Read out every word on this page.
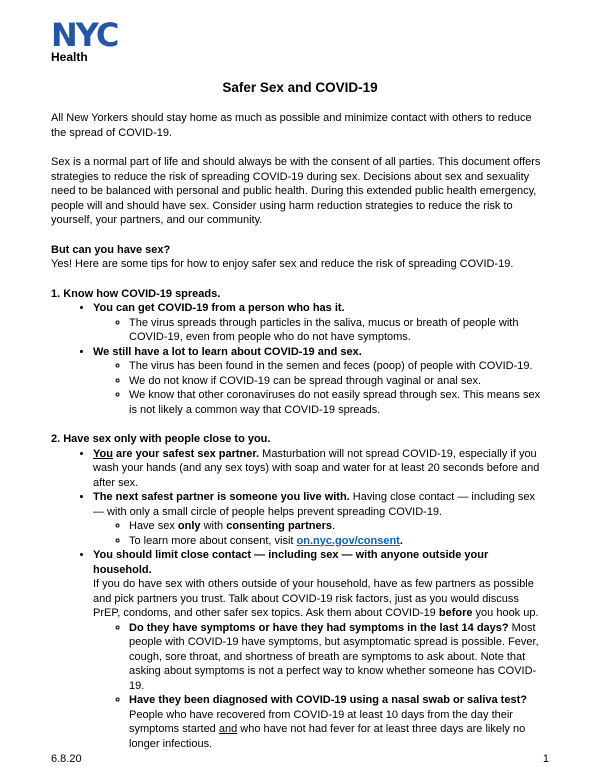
NYC
Health
Safer Sex and COVID-19

All New Yorkers should stay home as much as possible and minimize contact with others to reduce the spread of COVID-19.

Sex is a normal part of life and should always be with the consent of all parties. This document offers strategies to reduce the risk of spreading COVID-19 during sex. Decisions about sex and sexuality need to be balanced with personal and public health. During this extended public health emergency, people will and should have sex. Consider using harm reduction strategies to reduce the risk to yourself, your partners, and our community.

But can you have sex?

Yes! Here are some tips for how to enjoy safer sex and reduce the risk of spreading COVID-19.

1. Know how COVID-19 spreads.

• You can get COVID-19 from a person who has it.
◦ The virus spreads through particles in the saliva, mucus or breath of people with COVID-19, even from people who do not have symptoms.
• We still have a lot to learn about COVID-19 and sex.
◦ The virus has been found in the semen and feces (poop) of people with COVID-19.
◦ We do not know if COVID-19 can be spread through vaginal or anal sex.
◦ We know that other coronaviruses do not easily spread through sex. This means sex is not likely a common way that COVID-19 spreads.

2. Have sex only with people close to you.

• You are your safest sex partner. Masturbation will not spread COVID-19, especially if you wash your hands (and any sex toys) with soap and water for at least 20 seconds before and after sex.
• The next safest partner is someone you live with. Having close contact — including sex — with only a small circle of people helps prevent spreading COVID-19.
◦ Have sex only with consenting partners.
◦ To learn more about consent, visit on.nyc.gov/consent.
• You should limit close contact — including sex — with anyone outside your household.
If you do have sex with others outside of your household, have as few partners as possible and pick partners you trust. Talk about COVID-19 risk factors, just as you would discuss PrEP, condoms, and other safer sex topics. Ask them about COVID-19 before you hook up.
◦ Do they have symptoms or have they had symptoms in the last 14 days? Most people with COVID-19 have symptoms, but asymptomatic spread is possible. Fever, cough, sore throat, and shortness of breath are symptoms to ask about. Note that asking about symptoms is not a perfect way to know whether someone has COVID-19.
◦ Have they been diagnosed with COVID-19 using a nasal swab or saliva test? People who have recovered from COVID-19 at least 10 days from the day their symptoms started and who have not had fever for at least three days are likely no longer infectious.
6.8.20	1
